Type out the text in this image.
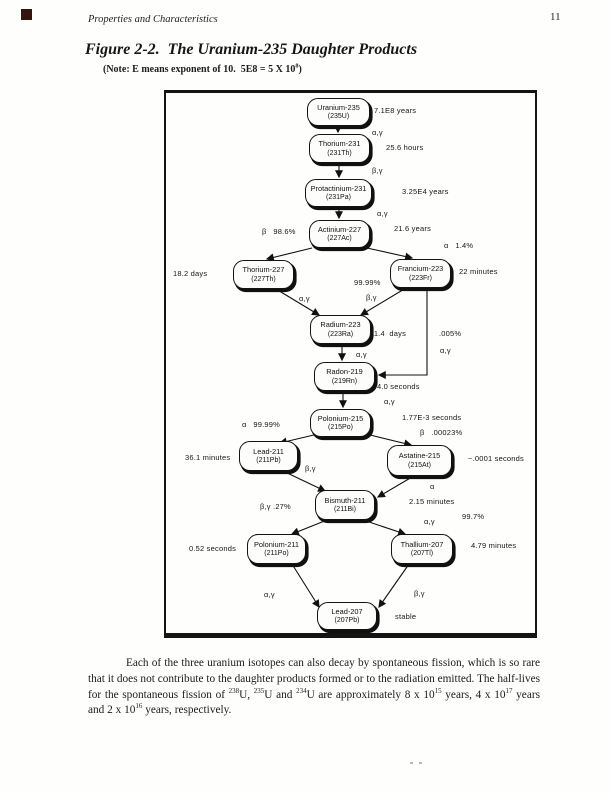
Properties and Characteristics	11
Figure 2-2.  The Uranium-235 Daughter Products
(Note: E means exponent of 10.  5E8 = 5 X $10^8$)
Uranium-235
(235U)
Thorium-231
(231Th)
Protactinium-231
(231Pa)
Actinium-227
(227Ac)
Thorium-227
(227Th)
Francium-223
(223Fr)
Radium-223
(223Ra)
Radon-219
(219Rn)
Polonium-215
(215Po)
Lead-211
(211Pb)
Astatine-215
(215At)
Bismuth-211
(211Bi)
Polonium-211
(211Po)
Thallium-207
(207Tl)
Lead-207
(207Pb)
7.1E8 years
α,γ
25.6 hours
β,γ
3.25E4 years
α,γ
21.6 years
β   98.6%
α   1.4%
18.2 days	22 minutes
99.99%
α,γ	β,γ
11.4  days	.005%
α,γ
α,γ
4.0 seconds
α,γ
1.77E-3 seconds
α   99.99%
β   .00023%
36.1 minutes	~.0001 seconds
β,γ
α
2.15 minutes
β,γ .27%
α,γ
99.7%
0.52 seconds	4.79 minutes
α,γ	β,γ
stable
Each of the three uranium isotopes can also decay by spontaneous fission, which is so rare that it does not contribute to the daughter products formed or to the radiation emitted. The half-lives for the spontaneous fission of $^{238}$U, $^{235}$U and $^{234}$U are approximately 8 x $10^{15}$ years, 4 x $10^{17}$ years and 2 x $10^{16}$ years, respectively.
